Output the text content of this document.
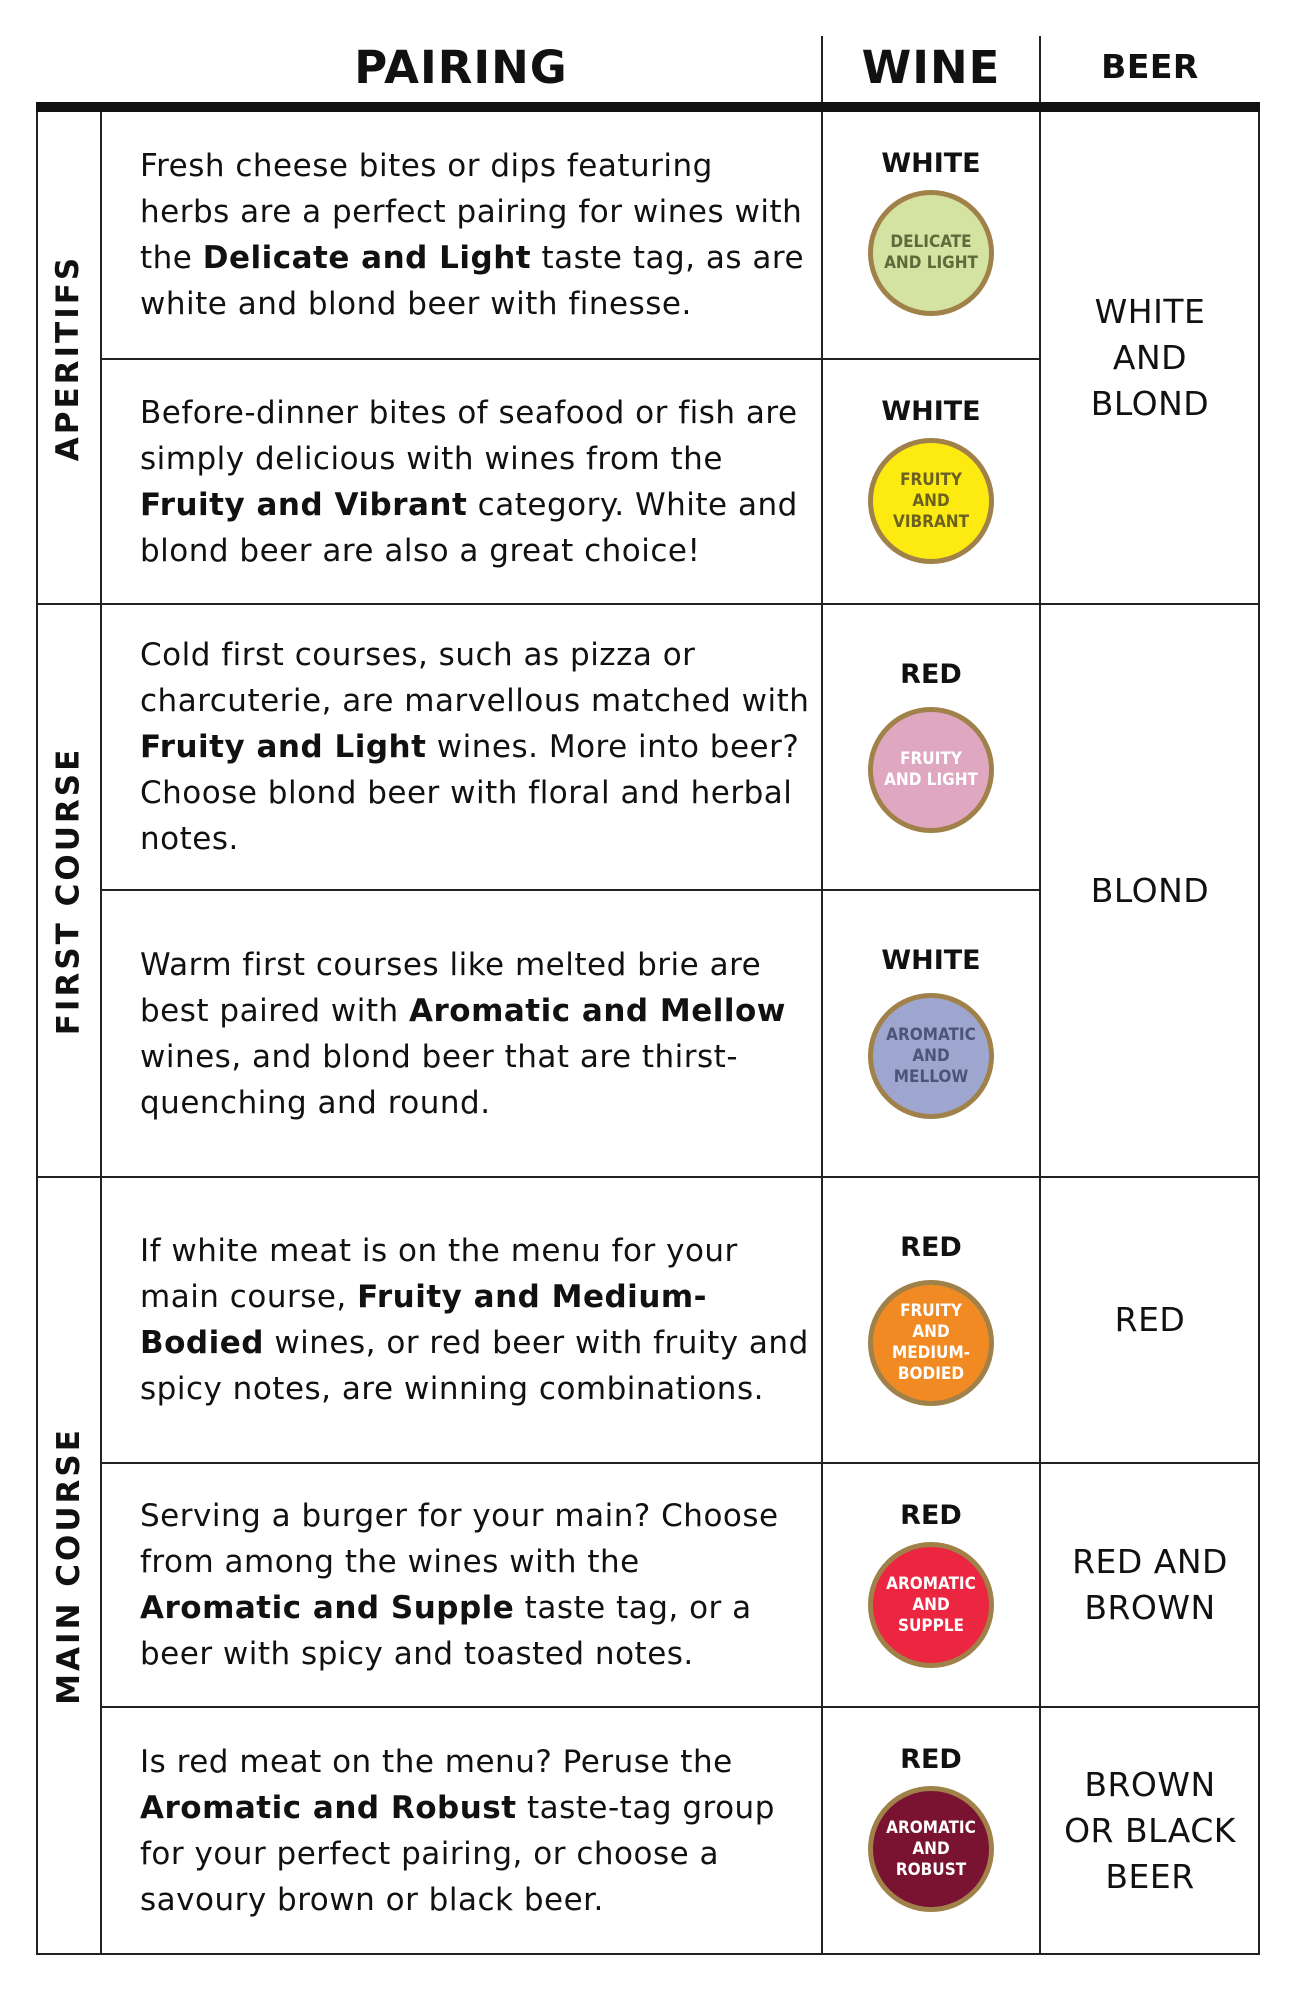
PAIRING	WINE	BEER
APERITIFS
FIRST COURSE
MAIN COURSE

Fresh cheese bites or dips featuring herbs are a perfect pairing for wines with the Delicate and Light taste tag, as are white and blond beer with finesse.

Before-dinner bites of seafood or fish are simply delicious with wines from the Fruity and Vibrant category. White and blond beer are also a great choice!

Cold first courses, such as pizza or charcuterie, are marvellous matched with Fruity and Light wines. More into beer? Choose blond beer with floral and herbal notes.

Warm first courses like melted brie are best paired with Aromatic and Mellow wines, and blond beer that are thirst-quenching and round.

If white meat is on the menu for your main course, Fruity and Medium-Bodied wines, or red beer with fruity and spicy notes, are winning combinations.

Serving a burger for your main? Choose from among the wines with the Aromatic and Supple taste tag, or a beer with spicy and toasted notes.

Is red meat on the menu? Peruse the Aromatic and Robust taste-tag group for your perfect pairing, or choose a savoury brown or black beer.

WHITE
DELICATE AND LIGHT
WHITE
FRUITY AND VIBRANT
RED
FRUITY AND LIGHT
WHITE
AROMATIC AND MELLOW
RED
FRUITY AND MEDIUM-BODIED
RED
AROMATIC AND SUPPLE
RED
AROMATIC AND ROBUST
WHITE AND BLOND
BLOND
RED
RED AND BROWN
BROWN OR BLACK BEER
